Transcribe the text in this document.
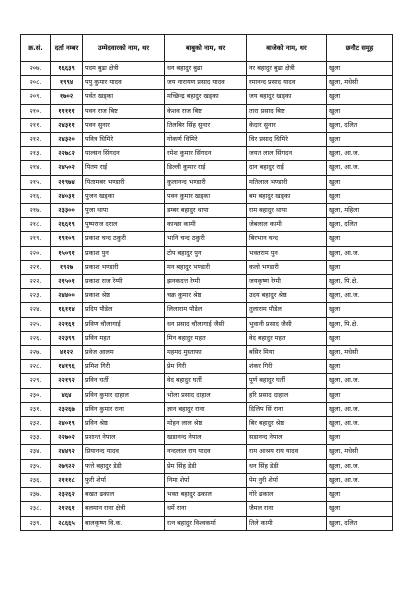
क्र.सं.	दर्ता नम्बर	उम्मेदवारको नाम, थर	बाबुको नाम, थर	बाजेको नाम, थर	छनौट समूह
२०७.	१६६३९	पदम बुढा क्षेत्री	धन बहादुर बुढा	नर बहादुर बुढा क्षेत्री	खुला
२०८.	१९९४	पपु कुमार यादव	जय नारायण प्रसाद यादव	रमानन्द प्रसाद यादव	खुला, मधेसी
२०९.	१७०२	पर्वत खड्का	मच्छिन्द्र बहादुर खड्का	जय बहादुर खड्का	खुला
२१०.	१११११	पवन राज बिष्ट	केशव राज बिष्ट	तारा प्रसाद बिष्ट	खुला
२११.	२४३११	पवन सुनार	तिलबिर सिंह सुनार	केदार सुनार	खुला, दलित
२१२.	२४३२०	पवित्र धिमिरे	गोकर्ण धिमिरे	धिर प्रसाद धिमिरे	खुला
२१३.	२२७८२	पाल्सन सिंगदन	रमेश कुमार सिंगदन	जयत लाल सिंगदन	खुला, आ.ज.
२१४.	२४५०२	पितम राई	डिल्ली कुमार राई	दान बहादुर राई	खुला, आ.ज.
२१५.	२१९७४	पितामबर भण्डारी	कुलानन्द भण्डारी	मतिलाल भण्डारी	खुला
२१६.	२४०३१	पुजन खड्का	पवन कुमार खड्का	बम बहादुर खड्का	खुला
२१७.	२३३००	पुजा थापा	डम्बर बहादुर थापा	राम बहादुर थापा	खुला, महिला
२१८.	२६६१९	पुष्पराज दराल	कान्छा कामी	जेबलाल कामी	खुला, दलित
२१९.	१९१०९	प्रकाश चन्द ठकुरी	भानि चन्द ठकुरी	बिरभान चन्द	खुला
२२०.	१५०९१	प्रकाश पुन	टोप बहादुर पुन	भक्तराम पुन	खुला, आ.ज.
२२१.	१९२७	प्रकाश भण्डारी	मन बहादुर भण्डारी	कलो भण्डारी	खुला
२२२.	२१५०१	प्रकाश राज रेग्मी	झनकदत्त रेग्मी	जयकृष्ण रेग्मी	खुला, पि.क्षे.
२२३.	२४४००	प्रकाश श्रेष्ठ	चक्र कुमार श्रेष्ठ	उदय बहादुर श्रेष्ठ	खुला, आ.ज.
२२४.	१६११४	प्रदिप पौडेल	लिलाराम पौडेल	तुलाराम पौडेल	खुला
२२५.	२२१६१	प्रविण चौलागाई	धन प्रसाद चौलागाई जैसी	भुवानी प्रसाद जैसी	खुला, पि.क्षे.
२२६.	२२३९९	प्रविन महत	मिन बहादुर महत	वेद बहादुर महत	खुला
२२७.	४१२२	प्रवेज आलम	महमद मुस्ताफा	बसिर मिया	खुला, मधेसी
२२८.	१४१९६	प्रमिश गिरी	प्रेम गिरी	शंकर गिरी	खुला
२२९.	२२१९२	प्रविन घर्ती	वेद बहादुर घर्ती	पूर्ण बहादुर घर्ती	खुला, आ.ज.
२३०.	४६४	प्रविन कुमार दाहाल	भोला प्रसाद दाहाल	हरि प्रसाद दाहाल	खुला
२३१.	२३२६७	प्रविन कुमार राना	ज्ञान बहादुर राना	दिलिप सिं राना	खुला, आ.ज.
२३२.	२४०१९	प्रविन श्रेष्ठ	मोहन लाल श्रेष्ठ	बिर बहादुर श्रेष्ठ	खुला, आ.ज.
२३३.	२२७०२	प्रशान्त नेपाल	खडानन्द नेपाल	सडानन्द नेपाल	खुला
२३४.	२४४९२	प्रियानन्द यादव	नन्दलाल राय यादव	राम आश्रय राय यादव	खुला, मधेसी
२३५.	२७९२२	फत्ते बहादुर डेडी	प्रेम सिंह डेडी	धन सिंह डेडी	खुला, आ.ज.
२३६.	२१११८	फुरी शेर्पा	निमा शेर्पा	पेम नुरी शेर्पा	खुला, आ.ज.
२३७.	२३२६२	बखत ढकाल	भक्त बहादुर ढकाल	गोरे ढकाल	खुला
२३८.	२१२६१	बलमान राना क्षेत्री	धर्मे राना	जैमल राना	खुला
२३९.	२८६६५	बालकृष्ण वि.क.	रत्न बहादुर विश्वकर्मा	तिले कामी	खुला, दलित
